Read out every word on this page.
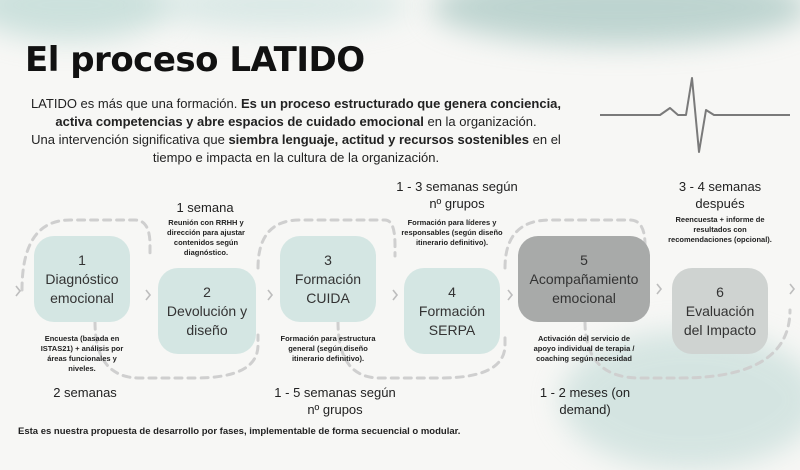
El proceso LATIDO
LATIDO es más que una formación. Es un proceso estructurado que genera conciencia, activa competencias y abre espacios de cuidado emocional en la organización.
Una intervención significativa que siembra lenguaje, actitud y recursos sostenibles en el tiempo e impacta en la cultura de la organización.
1
Diagnóstico emocional	2
Devolución y diseño
3
Formación CUIDA	4
Formación SERPA
5
Acompañamiento emocional	6
Evaluación del Impacto
Encuesta (basada en ISTAS21) + análisis por áreas funcionales y niveles.
Reunión con RRHH y dirección para ajustar contenidos según diagnóstico.
Formación para estructura general (según diseño itinerario definitivo).
Formación para líderes y responsables (según diseño itinerario definitivo).
Activación del servicio de apoyo individual de terapia / coaching según necesidad
Reencuesta + informe de resultados con recomendaciones (opcional).
2 semanas
1 semana
1 - 5 semanas según nº grupos
1 - 3 semanas según nº grupos
1 - 2 meses (on demand)
3 - 4 semanas después
Esta es nuestra propuesta de desarrollo por fases, implementable de forma secuencial o modular.
